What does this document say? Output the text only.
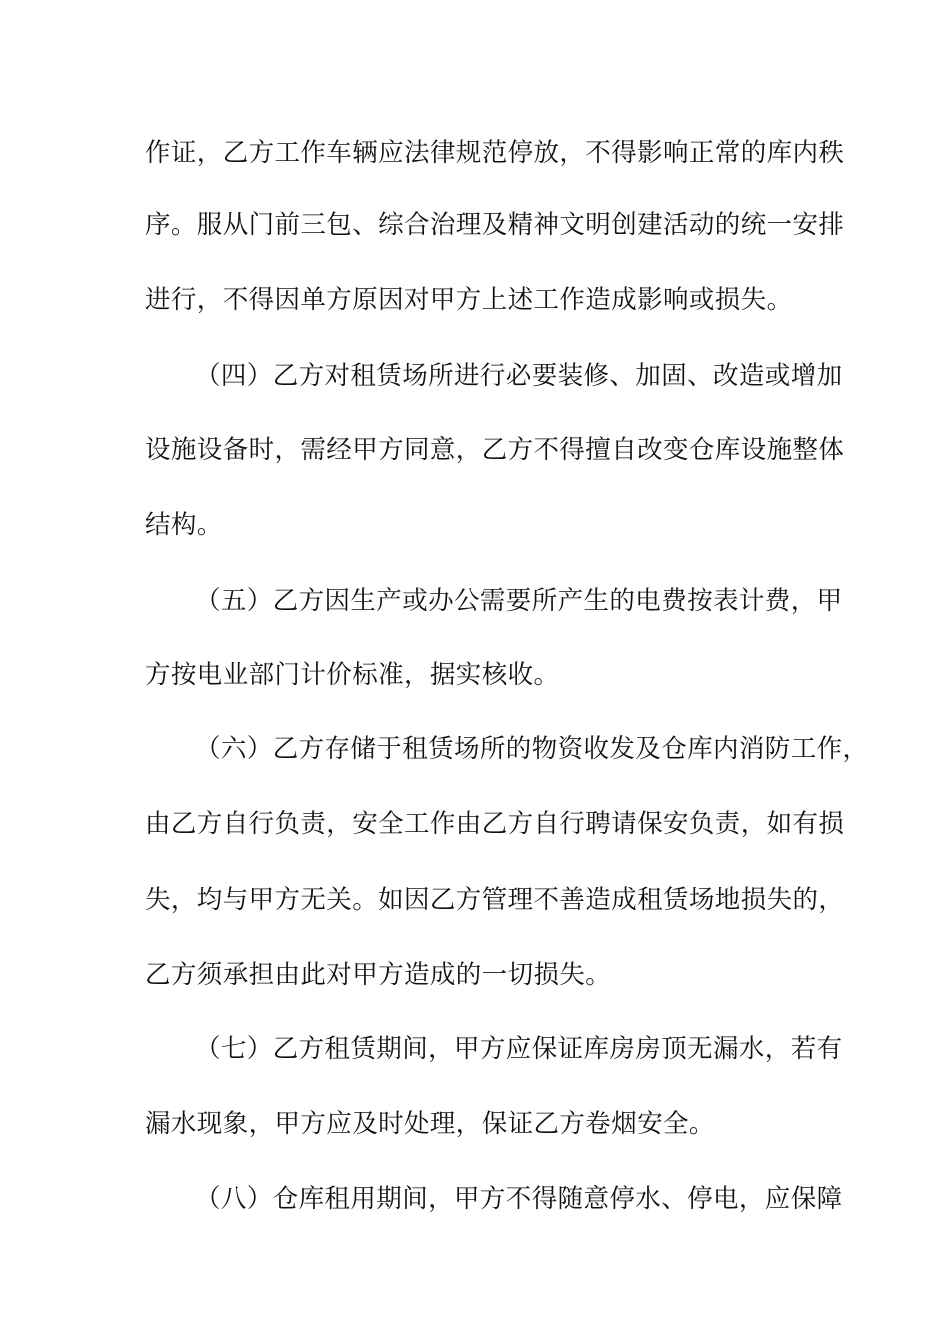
作证，乙方工作车辆应法律规范停放，不得影响正常的库内秩

序。服从门前三包、综合治理及精神文明创建活动的统一安排

进行，不得因单方原因对甲方上述工作造成影响或损失。

（四）乙方对租赁场所进行必要装修、加固、改造或增加

设施设备时，需经甲方同意，乙方不得擅自改变仓库设施整体

结构。

（五）乙方因生产或办公需要所产生的电费按表计费，甲

方按电业部门计价标准，据实核收。

（六）乙方存储于租赁场所的物资收发及仓库内消防工作，

由乙方自行负责，安全工作由乙方自行聘请保安负责，如有损

失，均与甲方无关。如因乙方管理不善造成租赁场地损失的，

乙方须承担由此对甲方造成的一切损失。

（七）乙方租赁期间，甲方应保证库房房顶无漏水，若有

漏水现象，甲方应及时处理，保证乙方卷烟安全。

（八）仓库租用期间，甲方不得随意停水、停电，应保障
